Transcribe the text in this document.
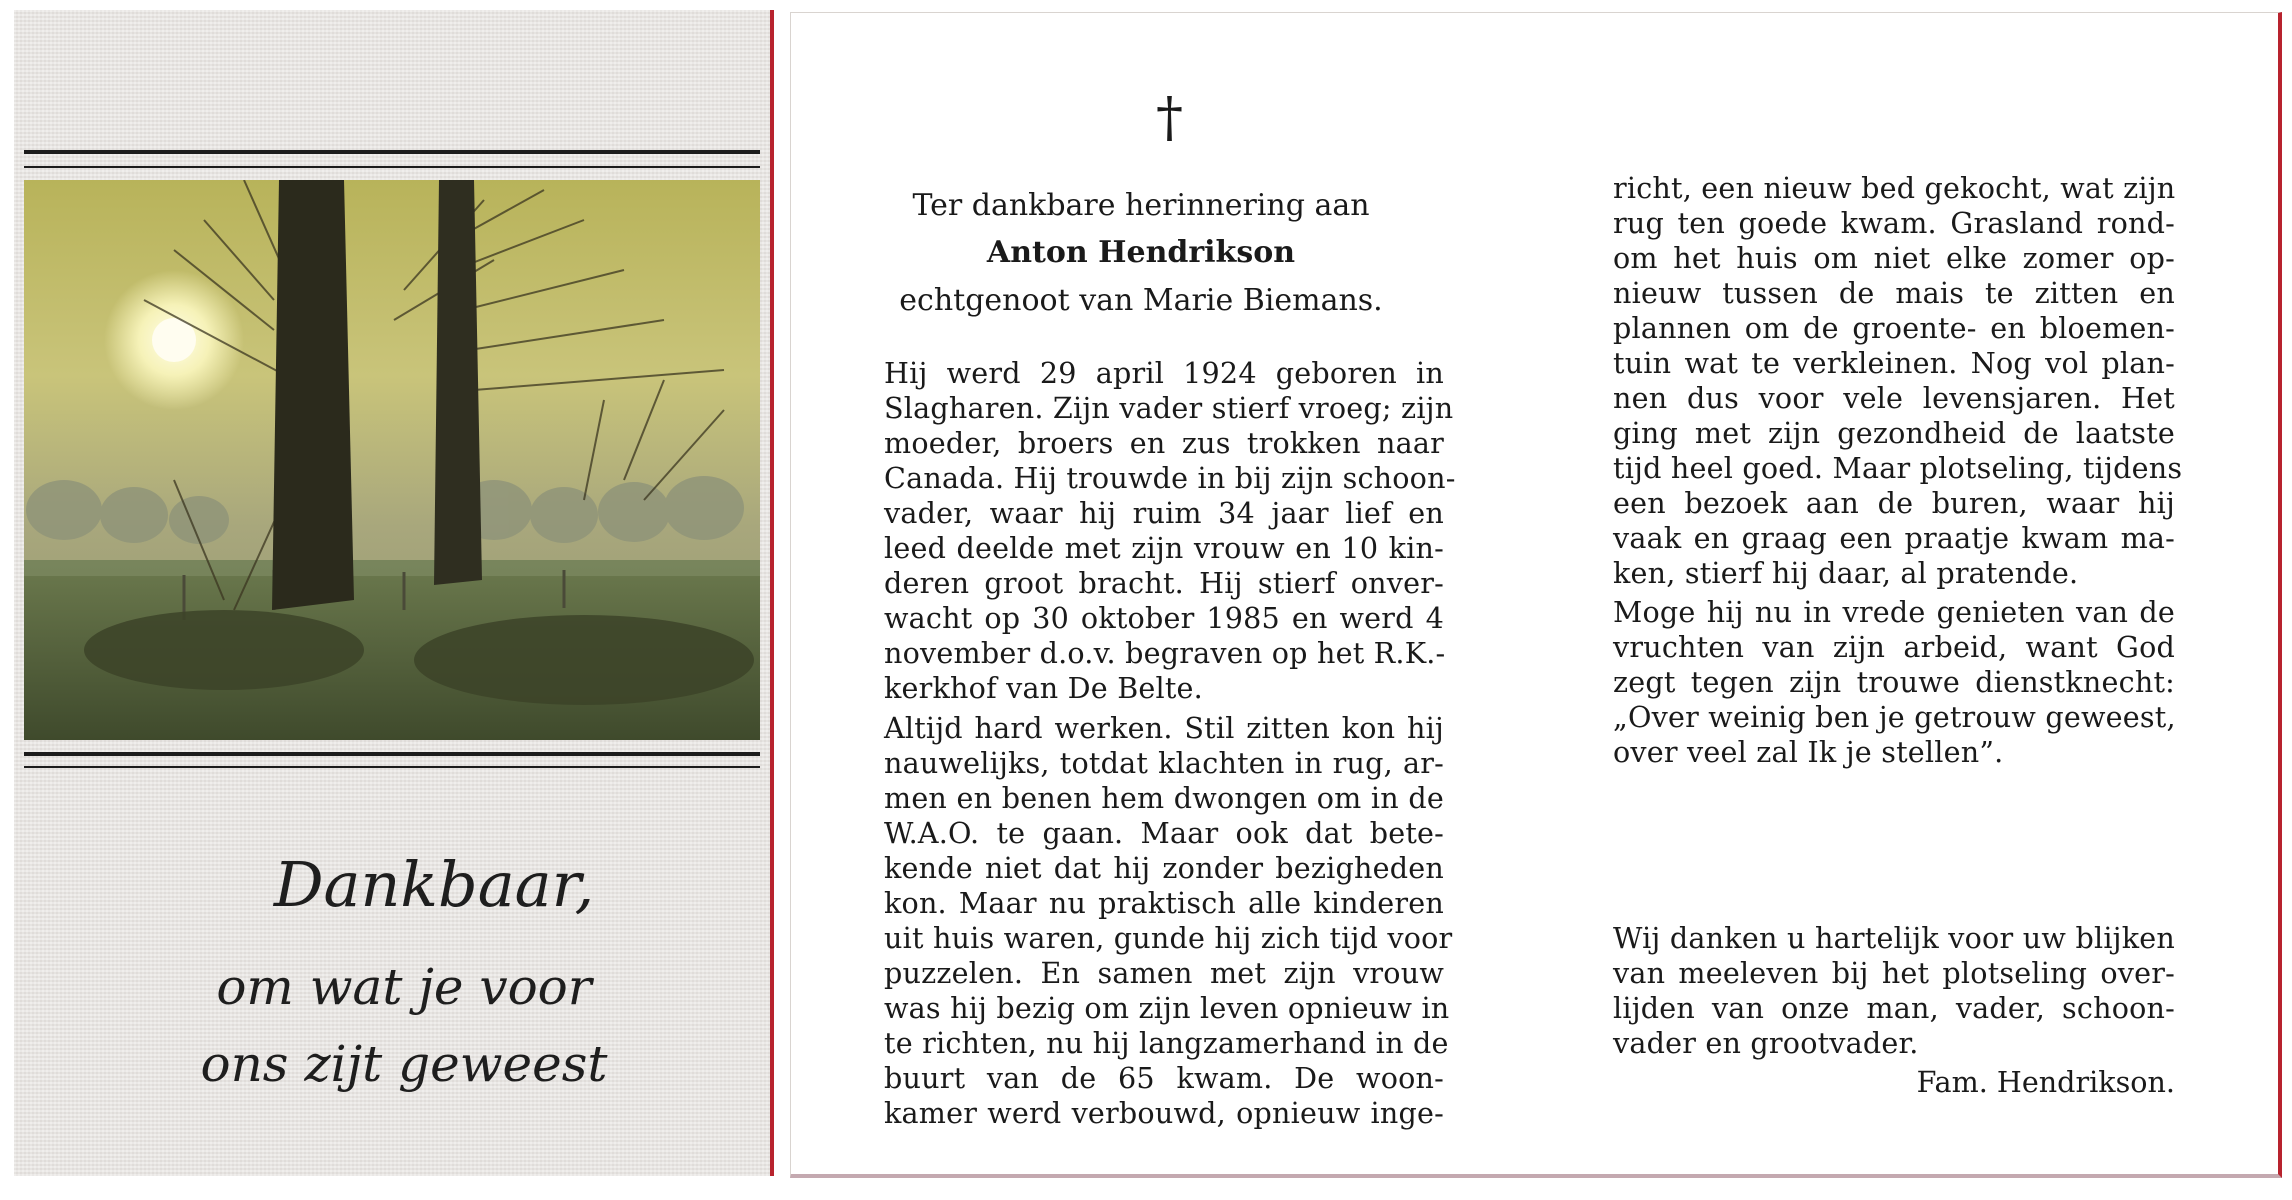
Dankbaar,
om wat je voor
ons zijt geweest
†
Ter dankbare herinnering aan
Anton Hendrikson
echtgenoot van Marie Biemans.
Hij werd 29 april 1924 geboren in
Slagharen. Zijn vader stierf vroeg; zijn
moeder, broers en zus trokken naar
Canada. Hij trouwde in bij zijn schoon-
vader, waar hij ruim 34 jaar lief en
leed deelde met zijn vrouw en 10 kin-
deren groot bracht. Hij stierf onver-
wacht op 30 oktober 1985 en werd 4
november d.o.v. begraven op het R.K.-
kerkhof van De Belte.
Altijd hard werken. Stil zitten kon hij
nauwelijks, totdat klachten in rug, ar-
men en benen hem dwongen om in de
W.A.O. te gaan. Maar ook dat bete-
kende niet dat hij zonder bezigheden
kon. Maar nu praktisch alle kinderen
uit huis waren, gunde hij zich tijd voor
puzzelen. En samen met zijn vrouw
was hij bezig om zijn leven opnieuw in
te richten, nu hij langzamerhand in de
buurt van de 65 kwam. De woon-
kamer werd verbouwd, opnieuw inge-
richt, een nieuw bed gekocht, wat zijn
rug ten goede kwam. Grasland rond-
om het huis om niet elke zomer op-
nieuw tussen de mais te zitten en
plannen om de groente- en bloemen-
tuin wat te verkleinen. Nog vol plan-
nen dus voor vele levensjaren. Het
ging met zijn gezondheid de laatste
tijd heel goed. Maar plotseling, tijdens
een bezoek aan de buren, waar hij
vaak en graag een praatje kwam ma-
ken, stierf hij daar, al pratende.
Moge hij nu in vrede genieten van de
vruchten van zijn arbeid, want God
zegt tegen zijn trouwe dienstknecht:
„Over weinig ben je getrouw geweest,
over veel zal Ik je stellen”.
Wij danken u hartelijk voor uw blijken
van meeleven bij het plotseling over-
lijden van onze man, vader, schoon-
vader en grootvader.
Fam. Hendrikson.
